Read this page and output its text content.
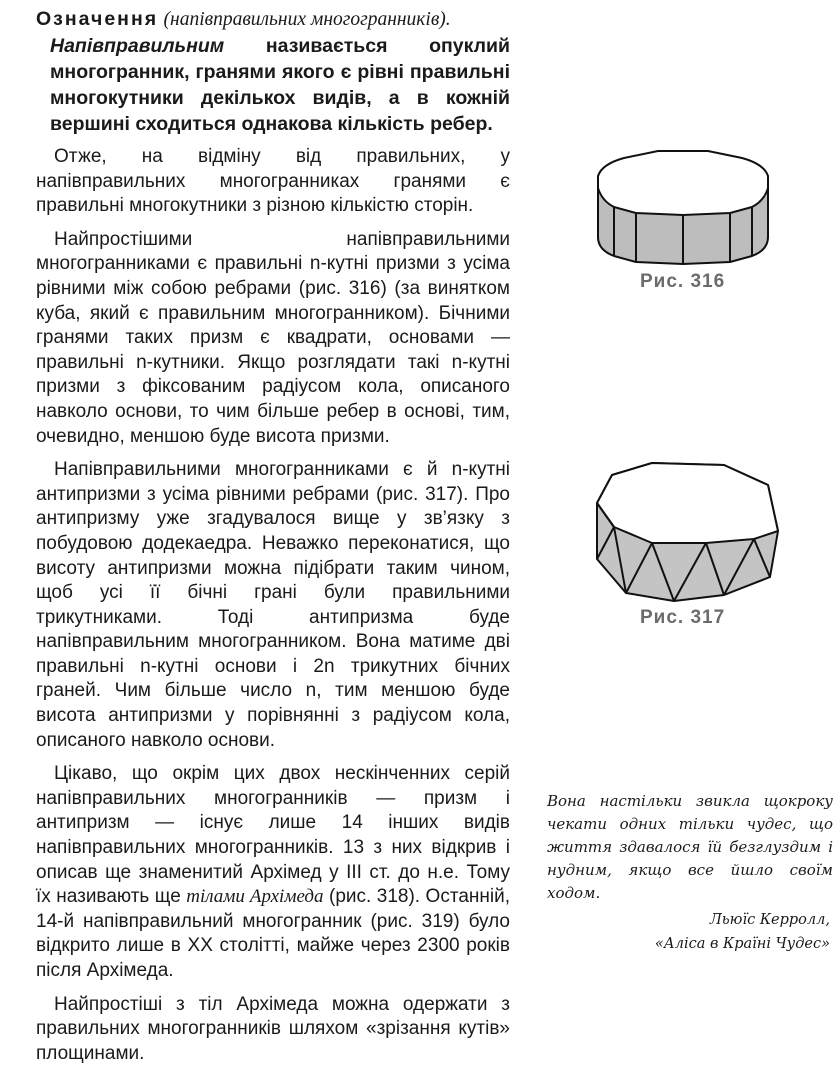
Означення (напівправильних многогранників).
Напівправильним називається опуклий многогранник, гранями якого є рівні правильні многокутники декількох видів, а в кожній вершині сходиться однакова кількість ребер.

Отже, на відміну від правильних, у напівправильних многогранниках гранями є правильні многокутники з різною кількістю сторін.

Найпростішими напівправильними многогранниками є правильні n-кутні призми з усіма рівними між собою ребрами (рис. 316) (за винятком куба, який є правильним многогранником). Бічними гранями таких призм є квадрати, основами — правильні n-кутники. Якщо розглядати такі n-кутні призми з фіксованим радіусом кола, описаного навколо основи, то чим більше ребер в основі, тим, очевидно, меншою буде висота призми.

Напівправильними многогранниками є й n-кутні антипризми з усіма рівними ребрами (рис. 317). Про антипризму уже згадувалося вище у зв’язку з побудовою додекаедра. Неважко переконатися, що висоту антипризми можна підібрати таким чином, щоб усі її бічні грані були правильними трикутниками. Тоді антипризма буде напівправильним многогранником. Вона матиме дві правильні n-кутні основи і 2n трикутних бічних граней. Чим більше число n, тим меншою буде висота антипризми у порівнянні з радіусом кола, описаного навколо основи.

Цікаво, що окрім цих двох нескінченних серій напівправильних многогранників — призм і антипризм — існує лише 14 інших видів напівправильних многогранників. 13 з них відкрив і описав ще знаменитий Архімед у III ст. до н.е. Тому їх називають ще тілами Архімеда (рис. 318). Останній, 14-й напівправильний многогранник (рис. 319) було відкрито лише в XX столітті, майже через 2300 років після Архімеда.

Найпростіші з тіл Архімеда можна одержати з правильних многогранників шляхом «зрізання кутів» площинами.

Рис. 316
Рис. 317
Вона настільки звикла щокроку чекати одних тільки чудес, що життя здавалося їй безглуздим і нудним, якщо все йшло своїм ходом.
Льюїс Керролл,
«Аліса в Країні Чудес»
